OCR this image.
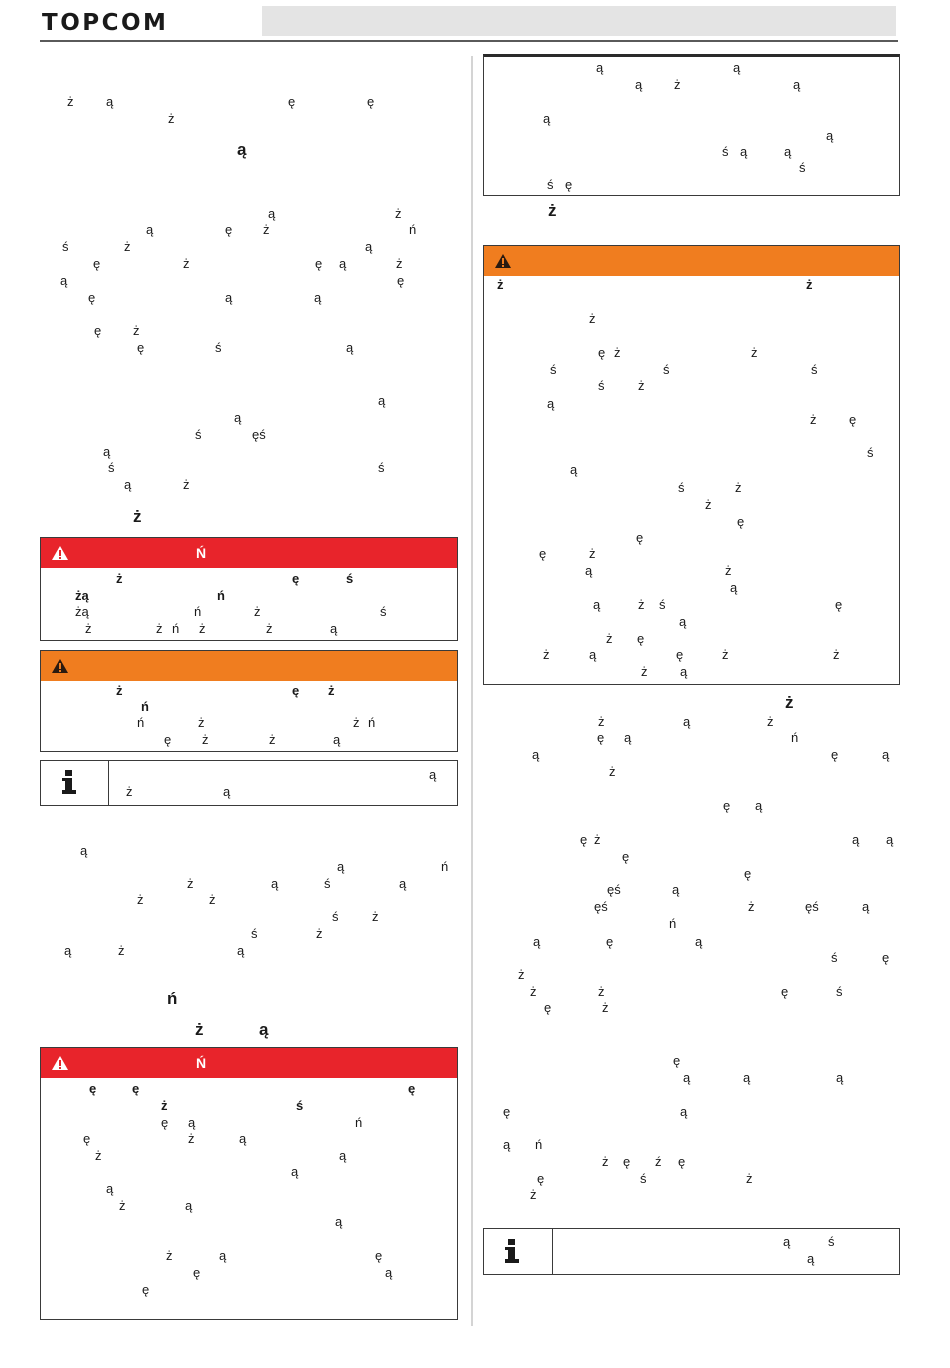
TOPCOM
ż	ą	ę	ę
ż
ą
ą	ż
ą	ę ż	ń
ś	ż	ą
ę	ż	ę ą	ż
ą	ę
ę	ą	ą
ę ż
ę	ś	ą
ą
ą
ś	ęś
ą
ś	ś
ą	ż
ż
Ń
ż	ę	ś
żą	ń
żą	ń	ż	ś
ż	ż ń ż	ż	ą
ż	ę ż
ń
ń	ż	ż ń
ę ż	ż	ą
ą
ż	ą
ą
ą	ń
ż	ą	ś	ą
ż	ż
ś	ż
ś	ż
ą	ż	ą
ń
ż	ą
Ń
ę	ę	ę
ż	ś
ę ą	ń
ę	ż	ą
ż	ą
ą
ą
ż	ą
ą
ż	ą	ę
ę	ą
ę
ą	ą
ą ż	ą
ą
ą
ś ą	ą
ś
ś ę
ż
ż	ż
ż
ę ż	ż
ś	ś	ś
ś	ż
ą
ż	ę
ś
ą
ś	ż
ż
ę
ę
ę	ż
ą	ż
ą
ą	ż ś	ę
ą
ż ę
ż	ą	ę	ż	ż
ż	ą
ż
ż	ą	ż
ę ą	ń
ą	ę	ą
ż
ę ą
ę ż	ą ą
ę
ę
ęś	ą
ęś	ż	ęś	ą
ń
ą	ę	ą
ś	ę
ż
ż	ż	ę	ś
ę	ż
ę
ą	ą	ą
ę	ą
ą ń
ż ę ź ę
ę	ś	ż
ż
ą	ś
ą
